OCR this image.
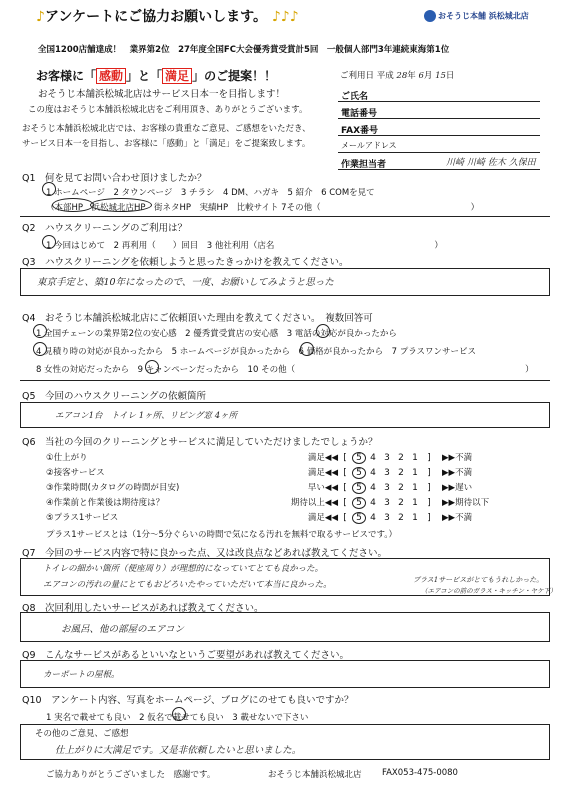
♪アンケートにご協力お願いします。 ♪♪♪	おそうじ本舗 浜松城北店
全国1200店舗達成！　業界第2位　27年度全国FC大会優秀賞受賞計5回　一般個人部門3年連続東海第1位
お客様に「 感動 」と「 満足 」のご提案！！
おそうじ本舗浜松城北店はサービス日本一を目指します！
この度はおそうじ本舗浜松城北店をご利用頂き、ありがとうございます。
おそうじ本舗浜松城北店では、お客様の貴重なご意見、ご感想をいただき、
サービス日本一を目指し、お客様に「感動」と「満足」をご提案致します。
ご利用日 平成 28年 6月 15日
ご氏名
電話番号
FAX番号
メールアドレス
作業担当者	川崎 川崎 佐木 久保田
Q1　何を見てお問い合わせ頂けましたか？
1 ホームページ　2 タウンページ　3 チラシ　4 DM、ハガキ　5 紹介　6 COMを見て
（本部HP　浜松城北店HP　街ネタHP　実績HP　比較サイト 7その他（	）
Q2　ハウスクリーニングのご利用は？
1 今回はじめて　2 再利用（　　）回目　3 他社利用（店名	）
Q3　ハウスクリーニングを依頼しようと思ったきっかけを教えてください。
東京手定と、築10年になったので、一度、お願いしてみようと思った
Q4　おそうじ本舗浜松城北店にご依頼頂いた理由を教えてください。　複数回答可
1 全国チェーンの業界第2位の安心感　2 優秀賞受賞店の安心感　3 電話の対応が良かったから
4 見積り時の対応が良かったから　5 ホームページが良かったから　6 価格が良かったから　7 プラスワンサービス
8 女性の対応だったから　9 キャンペーンだったから　10 その他（	）
Q5　今回のハウスクリーニングの依頼箇所
エアコン1台　トイレ 1ヶ所、リビング窓 4ヶ所
Q6　当社の今回のクリーニングとサービスに満足していただけましたでしょうか？
①仕上がり	満足◀◀ [ 5 4 3 2 1 ] ▶▶不満
②接客サービス	満足◀◀ [ 5 4 3 2 1 ] ▶▶不満
③作業時間(カタログの時間が目安)	早い◀◀ [ 5 4 3 2 1 ] ▶▶遅い
④作業前と作業後は期待度は？	期待以上◀◀ [ 5 4 3 2 1 ] ▶▶期待以下
⑤プラス1サービス	満足◀◀ [ 5 4 3 2 1 ] ▶▶不満
プラス1サービスとは（1分〜5分ぐらいの時間で気になる汚れを無料で取るサービスです。）
Q7　今回のサービス内容で特に良かった点、又は改良点などあれば教えてください。
トイレの細かい箇所（便座周り）が理想的になっていてとても良かった。
エアコンの汚れの量にとてもおどろいたやっていただいて本当に良かった。	プラス1サービスがとてもうれしかった。
（エアコンの前のガラス・キッチン・ヤケ下）
Q8　次回利用したいサービスがあれば教えてください。
お風呂、他の部屋のエアコン
Q9　こんなサービスがあるといいなというご要望があれば教えてください。
カーポートの屋根。
Q10　アンケート内容、写真をホームページ、ブログにのせても良いですか？
1 実名で載せても良い　2 仮名で載せても良い　3 載せないで下さい
その他のご意見、ご感想
仕上がりに大満足です。又是非依頼したいと思いました。
ご協力ありがとうございました　感謝です。	おそうじ本舗浜松城北店 FAX053-475-0080
